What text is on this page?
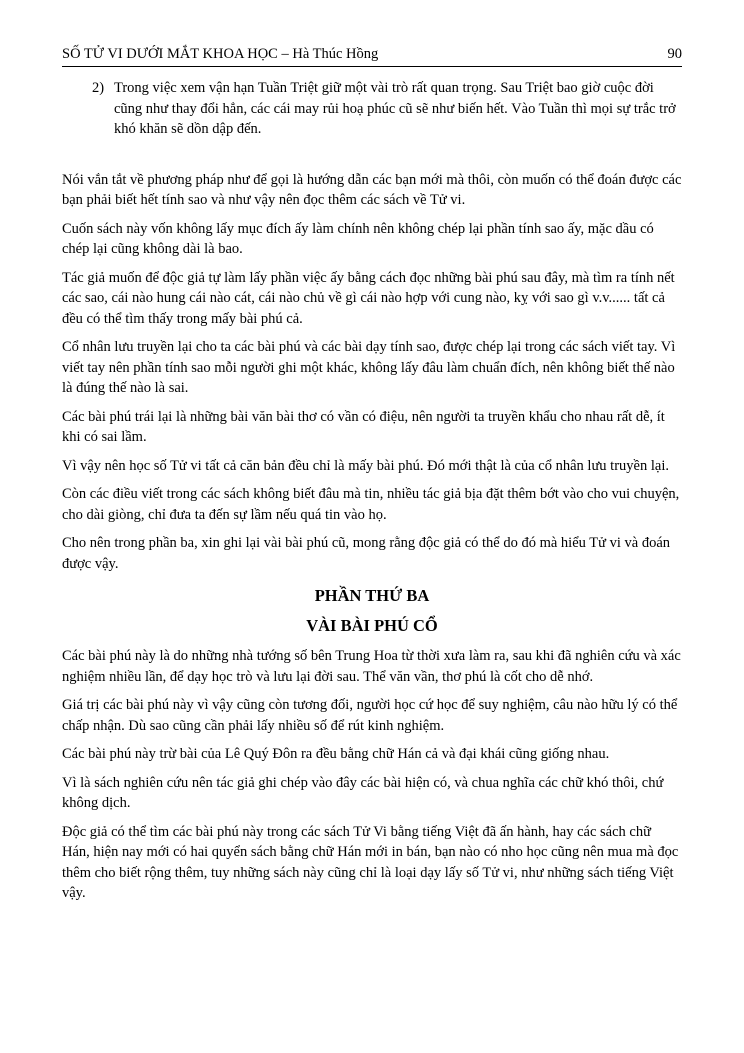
SỐ TỬ VI DƯỚI MẮT KHOA HỌC – Hà Thúc Hồng	90
2) Trong việc xem vận hạn Tuần Triệt giữ một vài trò rất quan trọng. Sau Triệt bao giờ cuộc đời cũng như thay đổi hẳn, các cái may rủi hoạ phúc cũ sẽ như biến hết. Vào Tuần thì mọi sự trắc trở khó khăn sẽ dồn dập đến.

Nói vắn tắt về phương pháp như để gọi là hướng dẫn các bạn mới mà thôi, còn muốn có thể đoán được các bạn phải biết hết tính sao và như vậy nên đọc thêm các sách về Tử vi.

Cuốn sách này vốn không lấy mục đích ấy làm chính nên không chép lại phần tính sao ấy, mặc dầu có chép lại cũng không dài là bao.

Tác giả muốn để độc giả tự làm lấy phần việc ấy bằng cách đọc những bài phú sau đây, mà tìm ra tính nết các sao, cái nào hung cái nào cát, cái nào chủ về gì cái nào hợp với cung nào, kỵ với sao gì v.v...... tất cả đều có thể tìm thấy trong mấy bài phú cả.

Cổ nhân lưu truyền lại cho ta các bài phú và các bài dạy tính sao, được chép lại trong các sách viết tay. Vì viết tay nên phần tính sao mỗi người ghi một khác, không lấy đâu làm chuẩn đích, nên không biết thế nào là đúng thế nào là sai.

Các bài phú trái lại là những bài văn bài thơ có vần có điệu, nên người ta truyền khẩu cho nhau rất dễ, ít khi có sai lầm.

Vì vậy nên học số Tử vi tất cả căn bản đều chỉ là mấy bài phú. Đó mới thật là của cổ nhân lưu truyền lại.

Còn các điều viết trong các sách không biết đâu mà tin, nhiều tác giả bịa đặt thêm bớt vào cho vui chuyện, cho dài giòng, chỉ đưa ta đến sự lầm nếu quá tin vào họ.

Cho nên trong phần ba, xin ghi lại vài bài phú cũ, mong rằng độc giả có thể do đó mà hiểu Tử vi và đoán được vậy.

PHẦN THỨ BA
VÀI BÀI PHÚ CỔ

Các bài phú này là do những nhà tướng số bên Trung Hoa từ thời xưa làm ra, sau khi đã nghiên cứu và xác nghiệm nhiều lần, để dạy học trò và lưu lại đời sau. Thể văn vần, thơ phú là cốt cho dễ nhớ.

Giá trị các bài phú này vì vậy cũng còn tương đối, người học cứ học để suy nghiệm, câu nào hữu lý có thể chấp nhận. Dù sao cũng cần phải lấy nhiều số để rút kinh nghiệm.

Các bài phú này trừ bài của Lê Quý Đôn ra đều bằng chữ Hán cả và đại khái cũng giống nhau.

Vì là sách nghiên cứu nên tác giả ghi chép vào đây các bài hiện có, và chua nghĩa các chữ khó thôi, chứ không dịch.

Độc giả có thể tìm các bài phú này trong các sách Tử Vi bằng tiếng Việt đã ấn hành, hay các sách chữ Hán, hiện nay mới có hai quyển sách bằng chữ Hán mới in bán, bạn nào có nho học cũng nên mua mà đọc thêm cho biết rộng thêm, tuy những sách này cũng chỉ là loại dạy lấy số Tử vi, như những sách tiếng Việt vậy.
